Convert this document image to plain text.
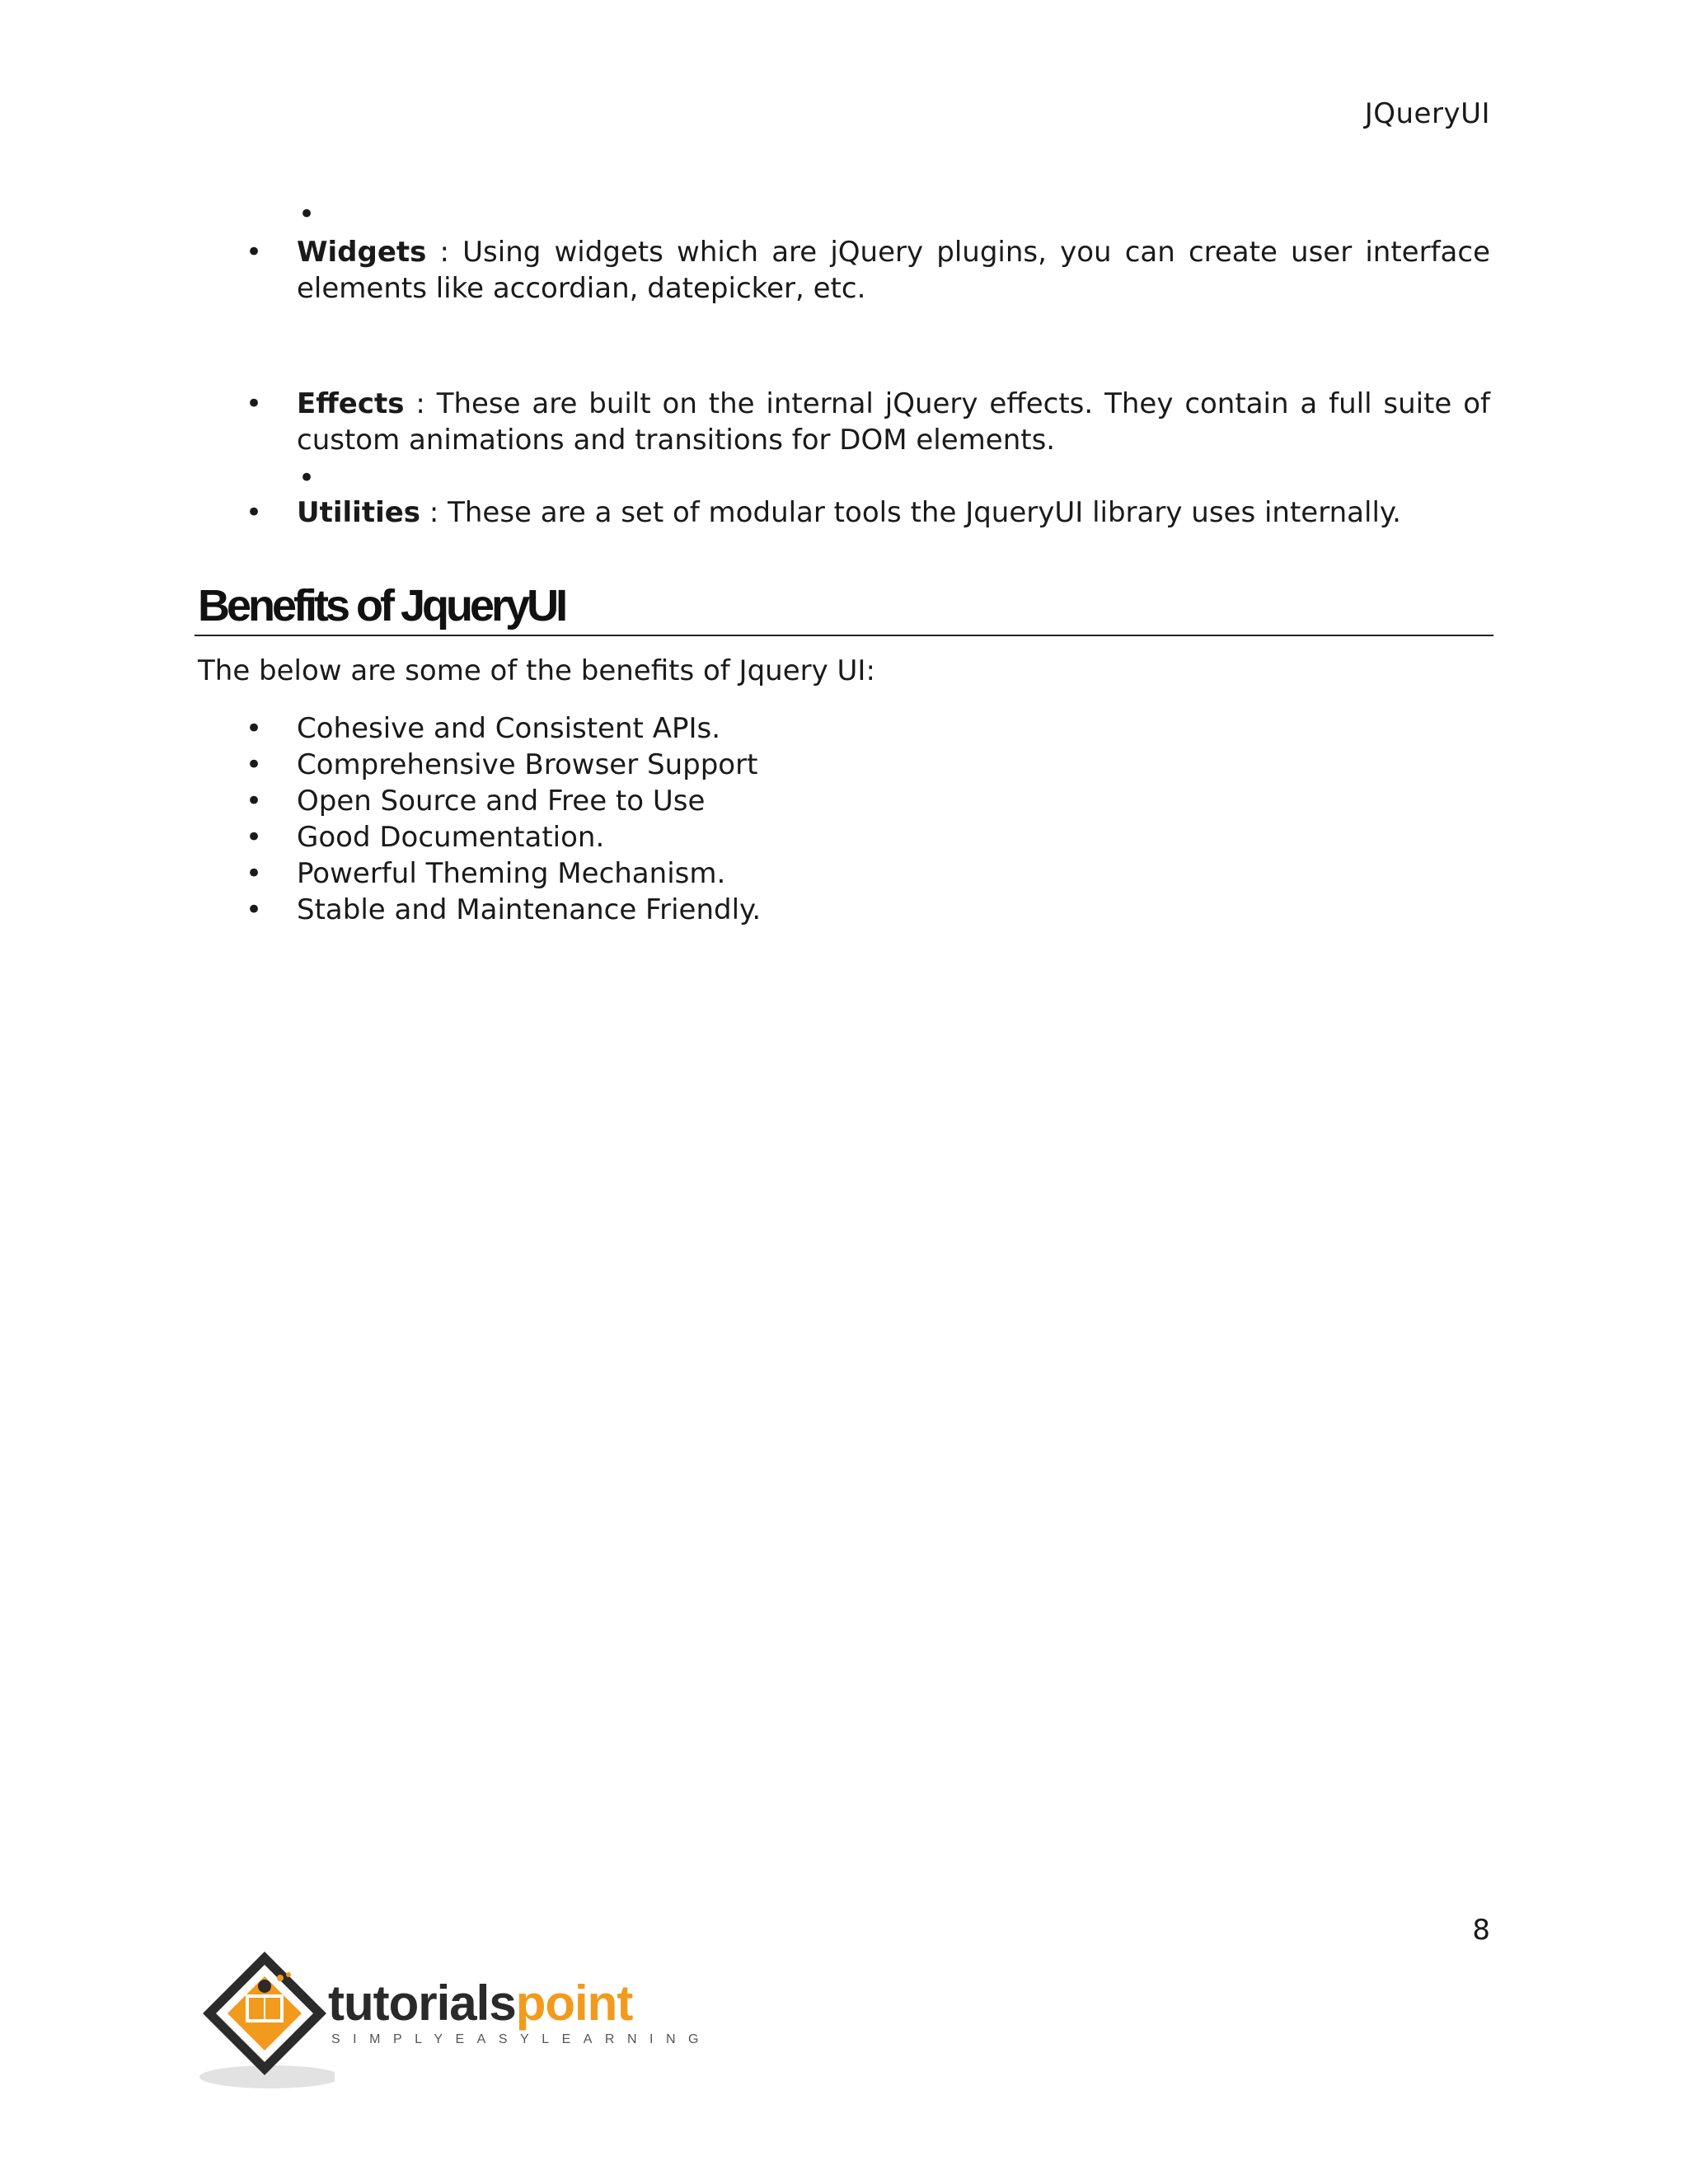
JQueryUI
•
• Widgets : Using widgets which are jQuery plugins, you can create user interface elements like accordian, datepicker, etc.
• Effects : These are built on the internal jQuery effects. They contain a full suite of custom animations and transitions for DOM elements.
•
• Utilities : These are a set of modular tools the JqueryUI library uses internally.
Benefits of JqueryUI
The below are some of the benefits of Jquery UI:
• Cohesive and Consistent APIs.
• Comprehensive Browser Support
• Open Source and Free to Use
• Good Documentation.
• Powerful Theming Mechanism.
• Stable and Maintenance Friendly.
8
tutorialspoint
SIMPLYEASYLEARNING
